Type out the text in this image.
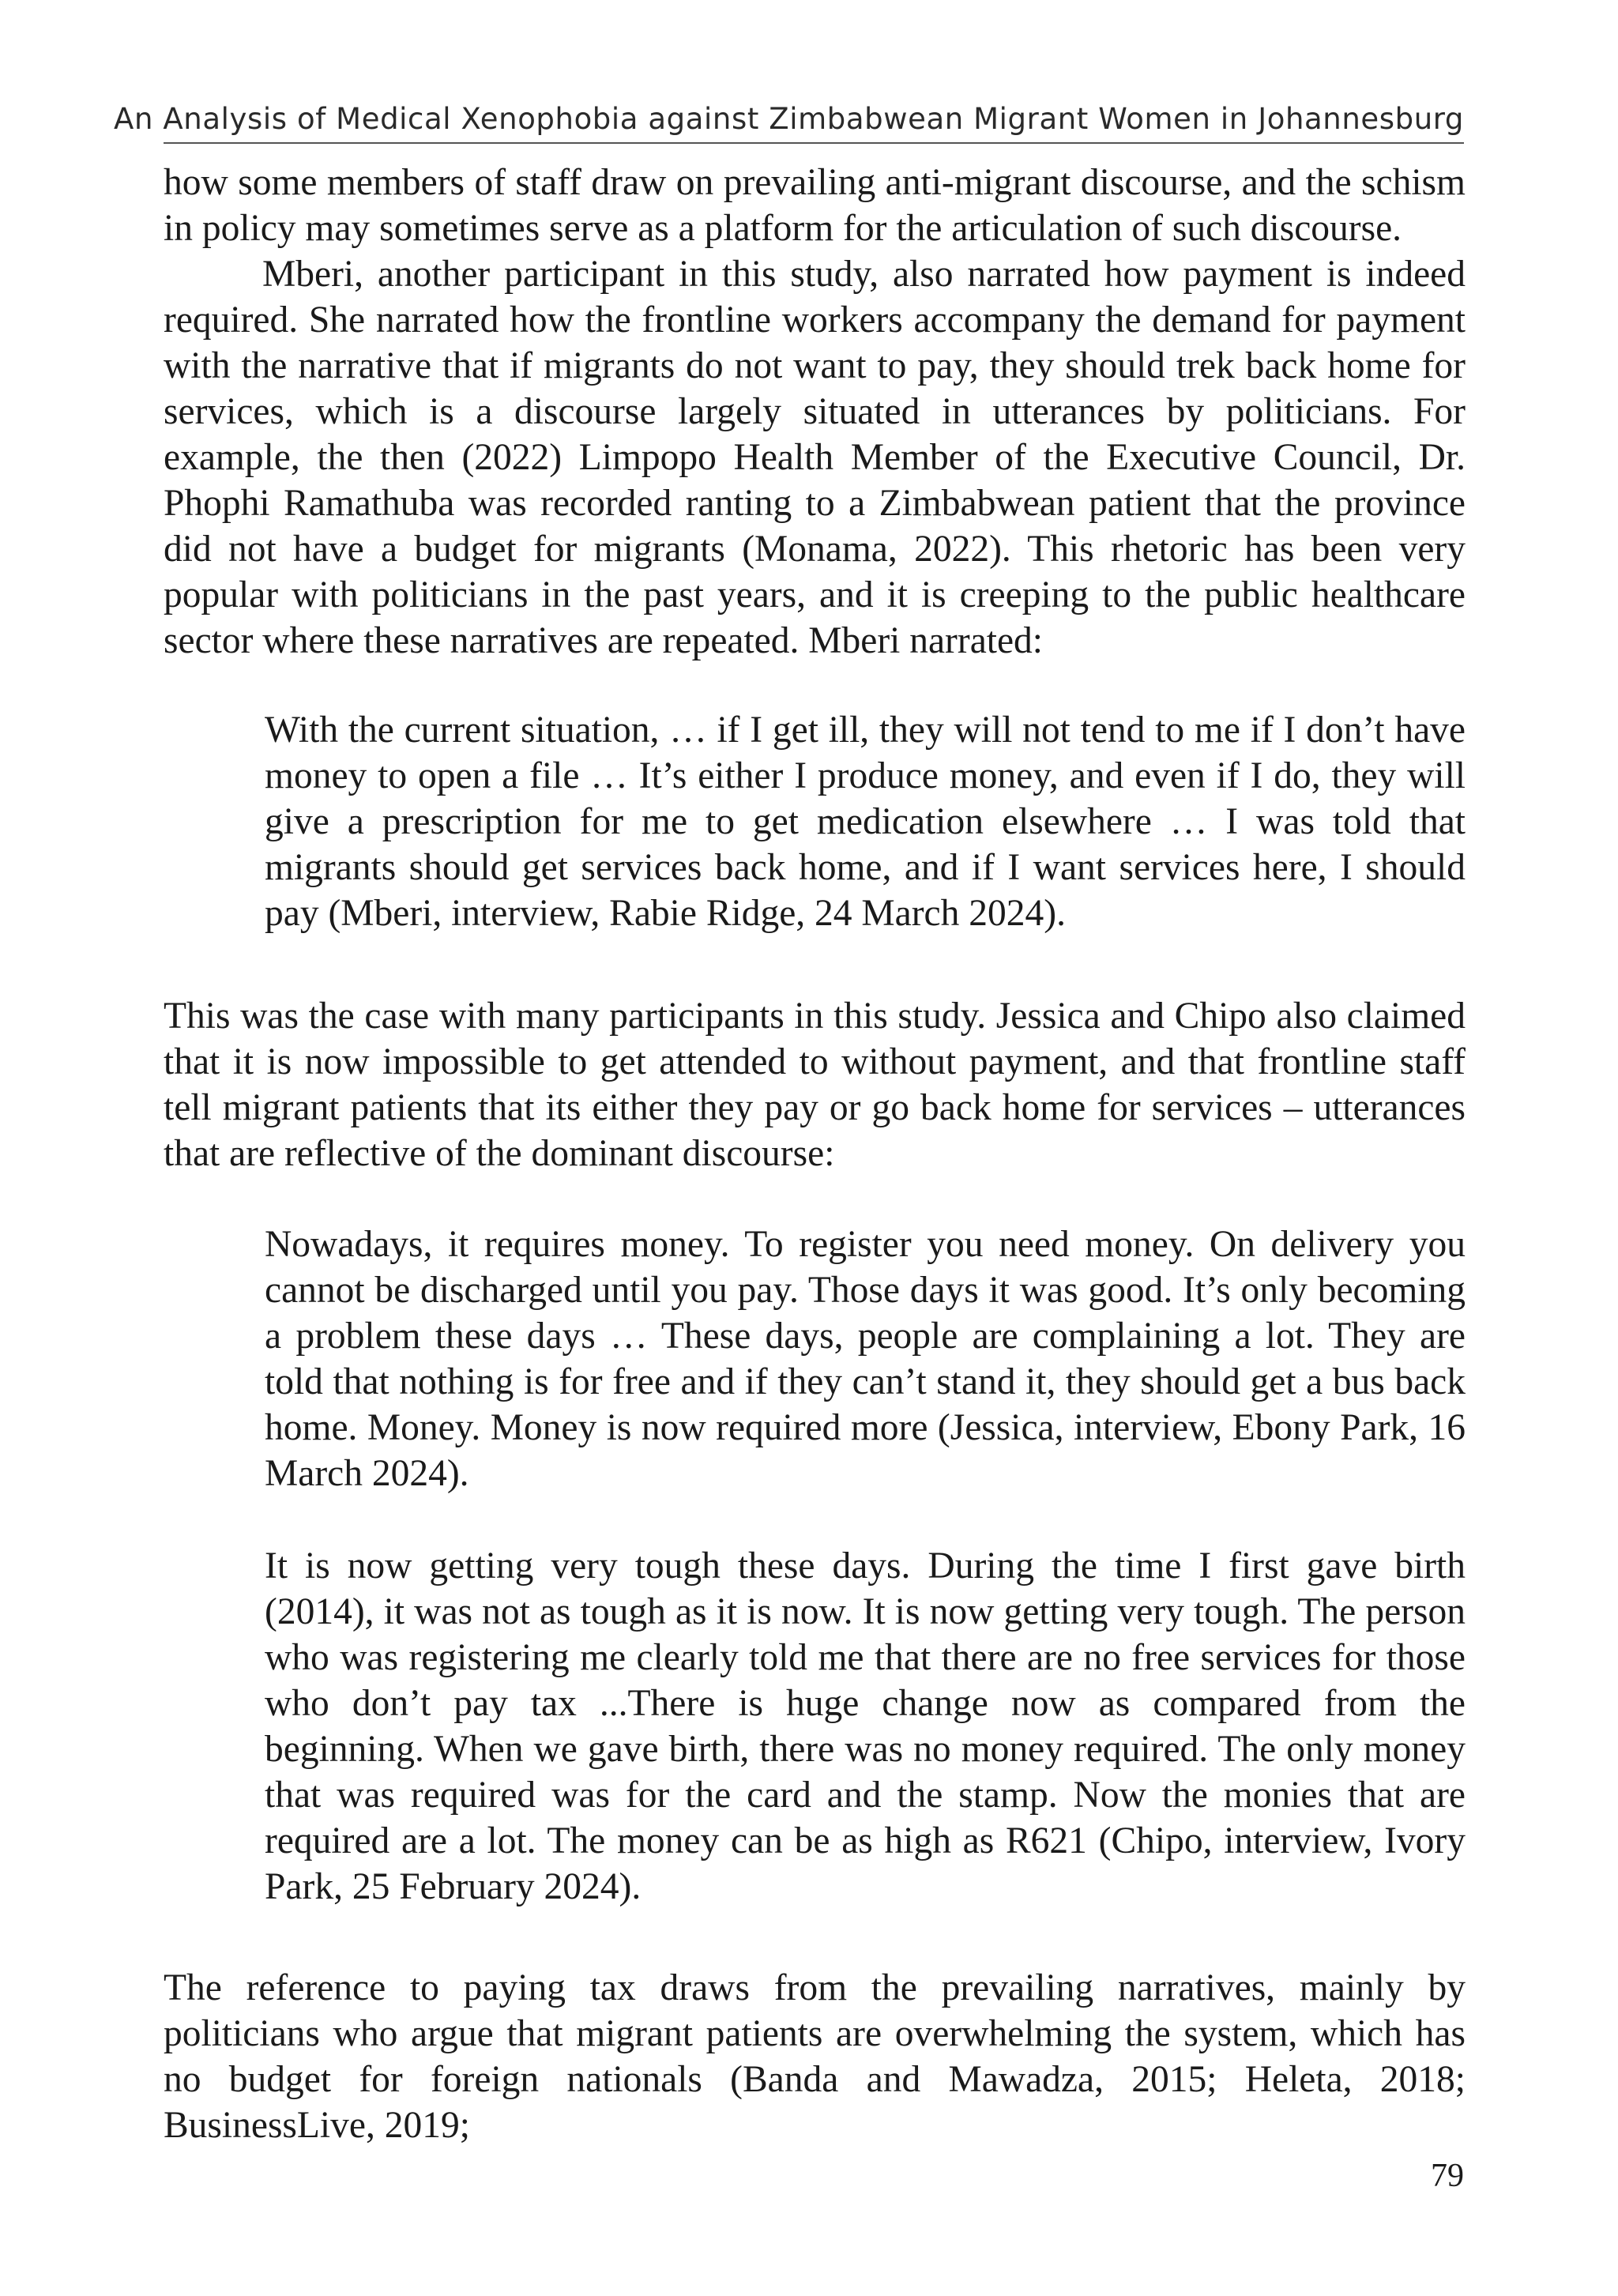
An Analysis of Medical Xenophobia against Zimbabwean Migrant Women in Johannesburg

how some members of staff draw on prevailing anti-migrant discourse, and the schism in policy may sometimes serve as a platform for the articulation of such discourse.

Mberi, another participant in this study, also narrated how payment is indeed required. She narrated how the frontline workers accompany the demand for payment with the narrative that if migrants do not want to pay, they should trek back home for services, which is a discourse largely situated in utterances by politicians. For example, the then (2022) Limpopo Health Member of the Executive Council, Dr. Phophi Ramathuba was recorded ranting to a Zimbabwean patient that the province did not have a budget for migrants (Monama, 2022). This rhetoric has been very popular with politicians in the past years, and it is creeping to the public healthcare sector where these narratives are repeated. Mberi narrated:

With the current situation, … if I get ill, they will not tend to me if I don’t have money to open a file … It’s either I produce money, and even if I do, they will give a prescription for me to get medication elsewhere … I was told that migrants should get services back home, and if I want services here, I should pay (Mberi, interview, Rabie Ridge, 24 March 2024).

This was the case with many participants in this study. Jessica and Chipo also claimed that it is now impossible to get attended to without payment, and that frontline staff tell migrant patients that its either they pay or go back home for services – utterances that are reflective of the dominant discourse:

Nowadays, it requires money. To register you need money. On delivery you cannot be discharged until you pay. Those days it was good. It’s only becoming a problem these days … These days, people are complaining a lot. They are told that nothing is for free and if they can’t stand it, they should get a bus back home. Money. Money is now required more (Jessica, interview, Ebony Park, 16 March 2024).

It is now getting very tough these days. During the time I first gave birth (2014), it was not as tough as it is now. It is now getting very tough. The person who was registering me clearly told me that there are no free services for those who don’t pay tax ...There is huge change now as compared from the beginning. When we gave birth, there was no money required. The only money that was required was for the card and the stamp. Now the monies that are required are a lot. The money can be as high as R621 (Chipo, interview, Ivory Park, 25 February 2024).

The reference to paying tax draws from the prevailing narratives, mainly by politicians who argue that migrant patients are overwhelming the system, which has no budget for foreign nationals (Banda and Mawadza, 2015; Heleta, 2018; BusinessLive, 2019;

79
